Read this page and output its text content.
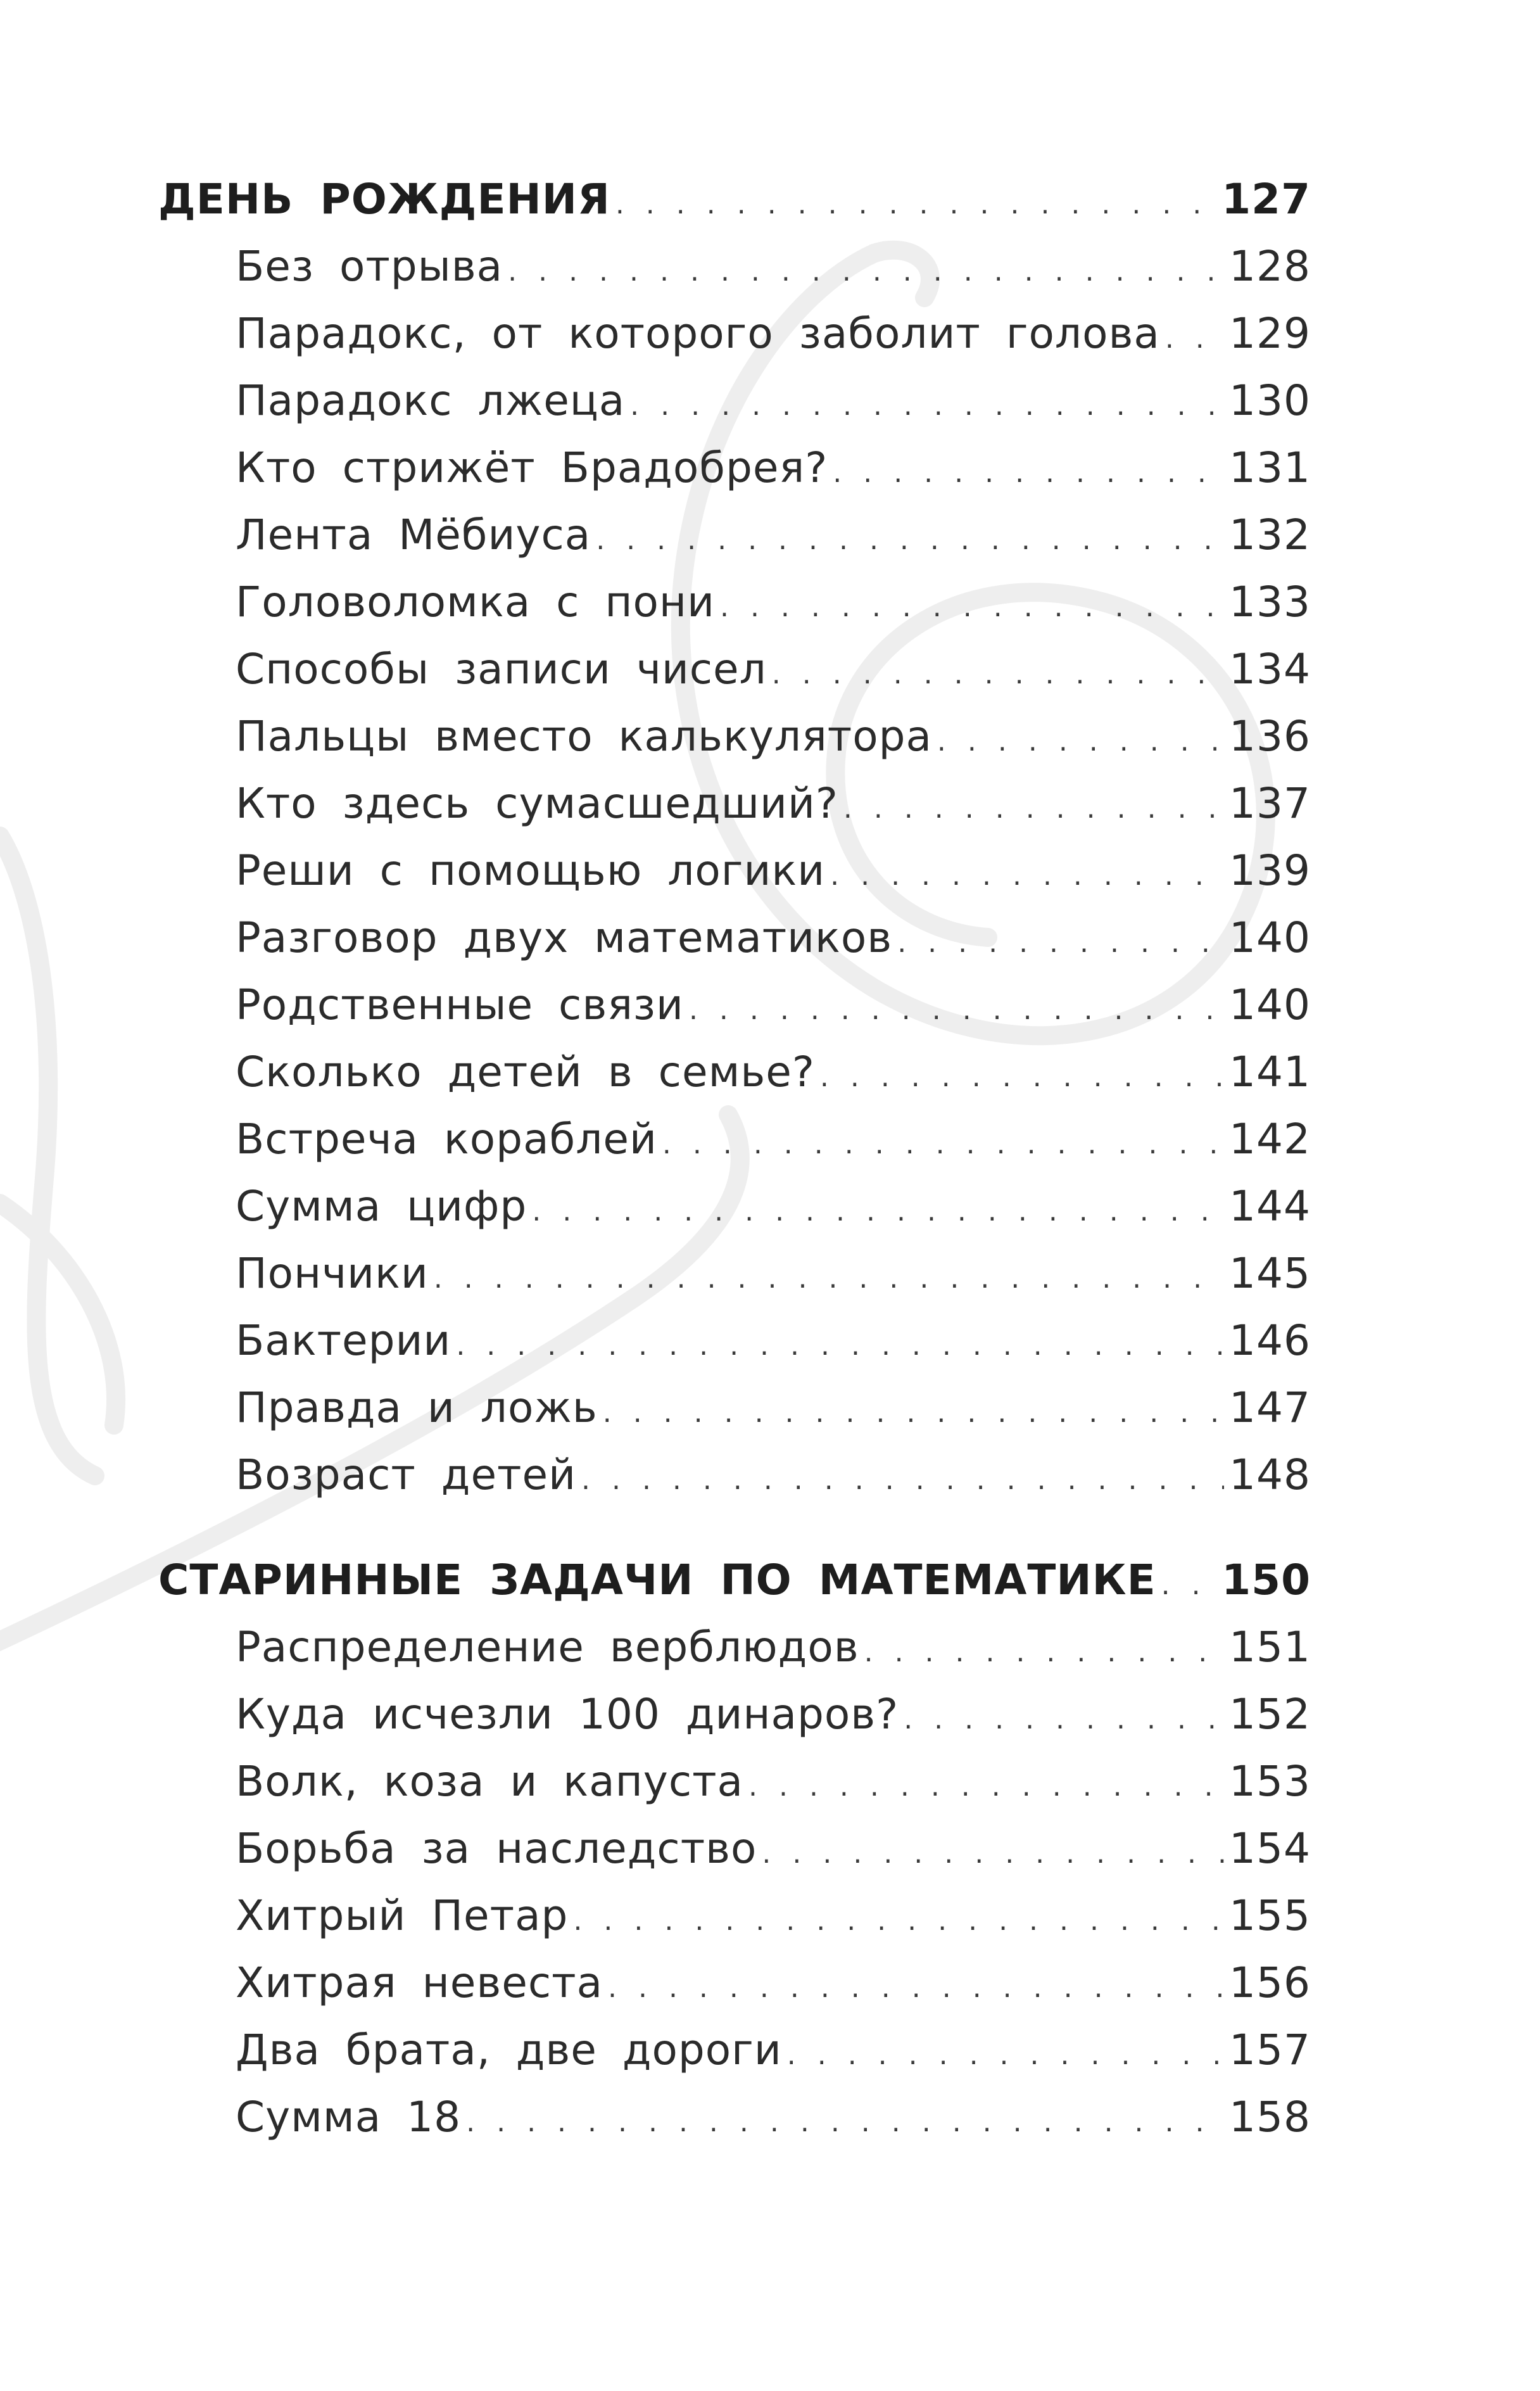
ДЕНЬ РОЖДЕНИЯ . . .	127
Без отрыва . . .	128
Парадокс, от которого заболит голова . . . 129
Парадокс лжеца . . .	130
Кто стрижёт Брадобрея? . . .	131
Лента Мёбиуса . . .	132
Головоломка с пони . . .	133
Способы записи чисел . . .	134
Пальцы вместо калькулятора . . .	136
Кто здесь сумасшедший? . . .	137
Реши с помощью логики . . .	139
Разговор двух математиков . . .	140
Родственные связи . . .	140
Сколько детей в семье? . . .	141
Встреча кораблей . . .	142
Сумма цифр . . .	144
Пончики . . .	145
Бактерии . . .	146
Правда и ложь . . .	147
Возраст детей . . .	148
СТАРИННЫЕ ЗАДАЧИ ПО МАТЕМАТИКЕ . . . 150
Распределение верблюдов . . .	151
Куда исчезли 100 динаров? . . .	152
Волк, коза и капуста . . .	153
Борьба за наследство . . .	154
Хитрый Петар . . .	155
Хитрая невеста . . .	156
Два брата, две дороги . . .	157
Сумма 18 . . .	158
